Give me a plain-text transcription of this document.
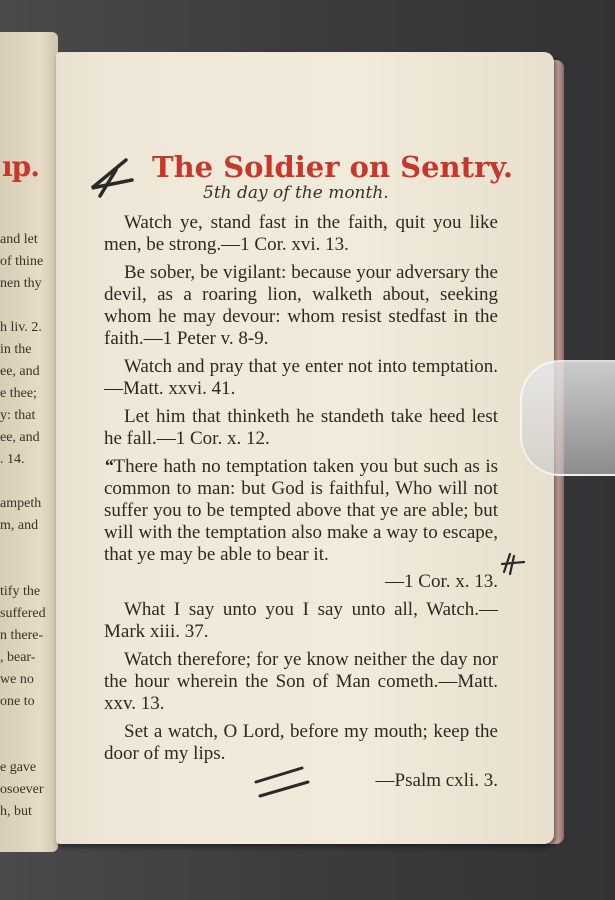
ıp.
and let
of thine
nen thy
h liv. 2.
in the
ee, and
e thee;
y: that
ee, and
. 14.
ampeth
m, and
tify the
suffered
n there-
, bear-
we no
one to
e gave
osoever
h, but
The Soldier on Sentry.
5th day of the month.

Watch ye, stand fast in the faith, quit you like men, be strong.—1 Cor. xvi. 13.

Be sober, be vigilant: because your adversary the devil, as a roaring lion, walketh about, seeking whom he may devour: whom resist stedfast in the faith.—1 Peter v. 8-9.

Watch and pray that ye enter not into temptation.—Matt. xxvi. 41.

Let him that thinketh he standeth take heed lest he fall.—1 Cor. x. 12.

“There hath no temptation taken you but such as is common to man: but God is faithful, Who will not suffer you to be tempted above that ye are able; but will with the temptation also make a way to escape, that ye may be able to bear it.

—1 Cor. x. 13.

What I say unto you I say unto all, Watch.—Mark xiii. 37.

Watch therefore; for ye know neither the day nor the hour wherein the Son of Man cometh.—Matt. xxv. 13.

Set a watch, O Lord, before my mouth; keep the door of my lips.

—Psalm cxli. 3.
